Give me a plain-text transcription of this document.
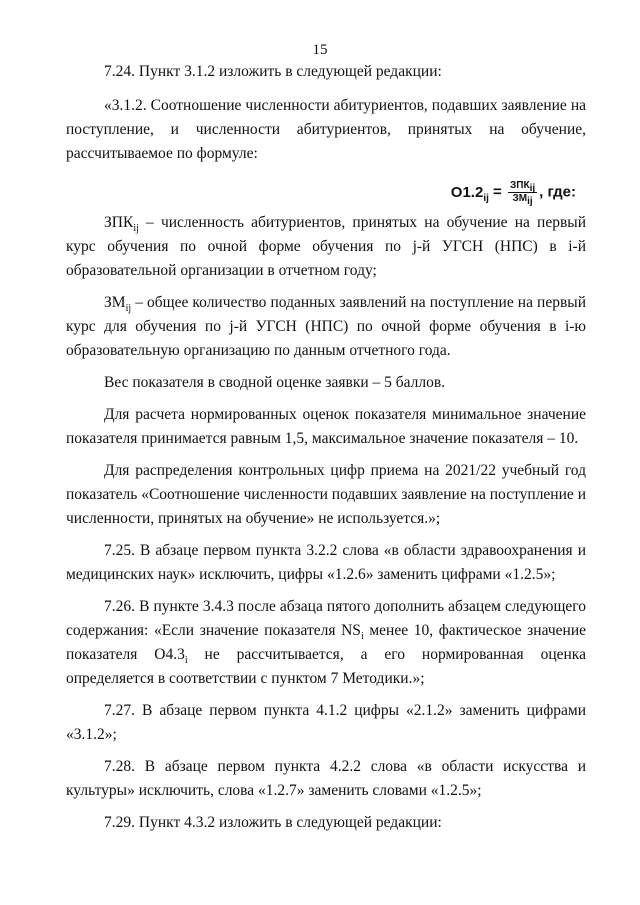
15

7.24. Пункт 3.1.2 изложить в следующей редакции:

«3.1.2. Соотношение численности абитуриентов, подавших заявление на поступление, и численности абитуриентов, принятых на обучение, рассчитываемое по формуле:

$О1.2_{ij} = \frac{ЗПК_{ij}}{ЗМ_{ij}}$ , где:

$ЗПК_{ij}$ – численность абитуриентов, принятых на обучение на первый курс обучения по очной форме обучения по j-й УГСН (НПС) в i-й образовательной организации в отчетном году;

$ЗМ_{ij}$ – общее количество поданных заявлений на поступление на первый курс для обучения по j-й УГСН (НПС) по очной форме обучения в i-ю образовательную организацию по данным отчетного года.

Вес показателя в сводной оценке заявки – 5 баллов.

Для расчета нормированных оценок показателя минимальное значение показателя принимается равным 1,5, максимальное значение показателя – 10.

Для распределения контрольных цифр приема на 2021/22 учебный год показатель «Соотношение численности подавших заявление на поступление и численности, принятых на обучение» не используется.»;

7.25. В абзаце первом пункта 3.2.2 слова «в области здравоохранения и медицинских наук» исключить, цифры «1.2.6» заменить цифрами «1.2.5»;

7.26. В пункте 3.4.3 после абзаца пятого дополнить абзацем следующего содержания: «Если значение показателя $NS_i$ менее 10, фактическое значение показателя $О4.3_i$ не рассчитывается, а его нормированная оценка определяется в соответствии с пунктом 7 Методики.»;

7.27. В абзаце первом пункта 4.1.2 цифры «2.1.2» заменить цифрами «3.1.2»;

7.28. В абзаце первом пункта 4.2.2 слова «в области искусства и культуры» исключить, слова «1.2.7» заменить словами «1.2.5»;

7.29. Пункт 4.3.2 изложить в следующей редакции:
